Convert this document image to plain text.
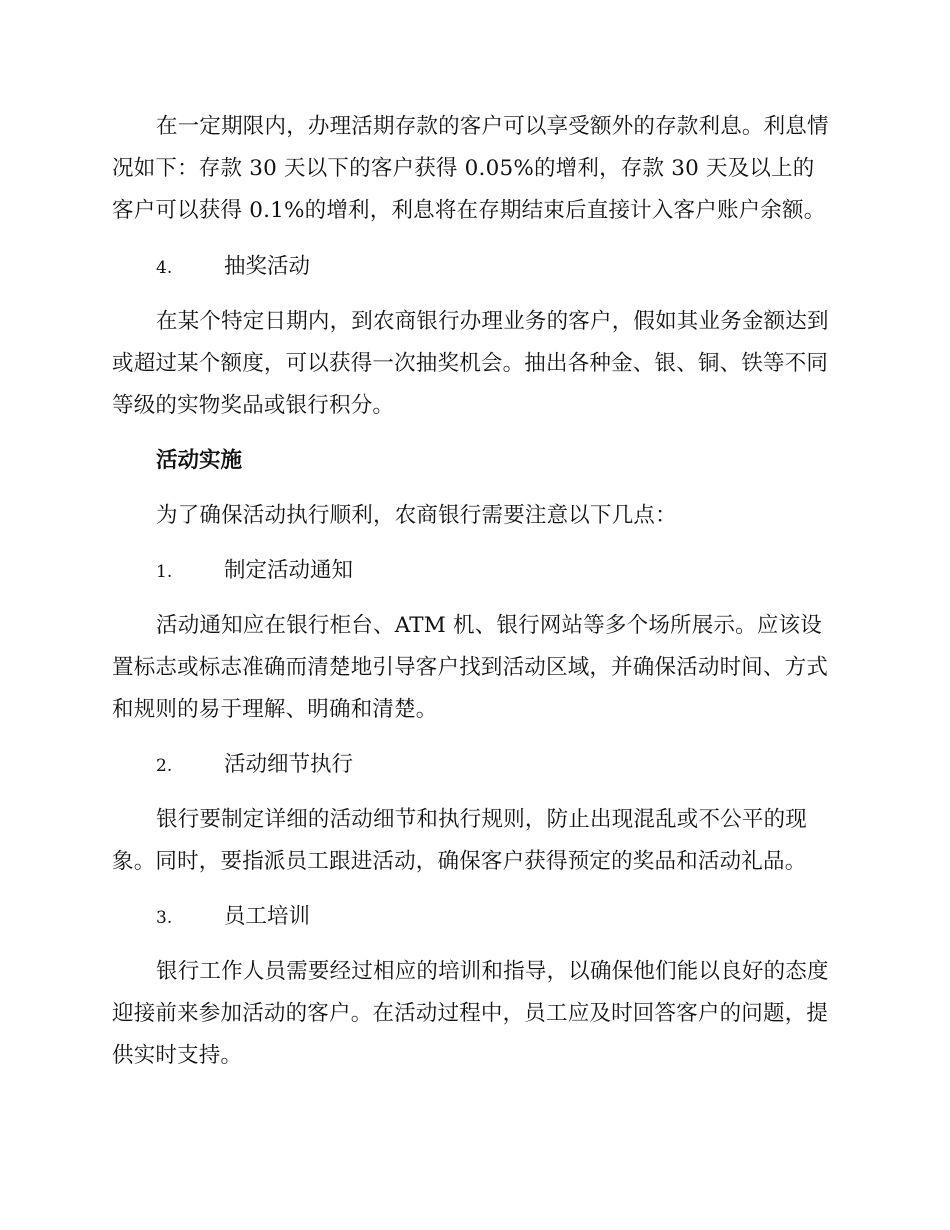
在一定期限内，办理活期存款的客户可以享受额外的存款利息。利息情况如下：存款 30 天以下的客户获得 0.05%的增利，存款 30 天及以上的客户可以获得 0.1%的增利，利息将在存期结束后直接计入客户账户余额。

4. 抽奖活动

在某个特定日期内，到农商银行办理业务的客户，假如其业务金额达到或超过某个额度，可以获得一次抽奖机会。抽出各种金、银、铜、铁等不同等级的实物奖品或银行积分。

活动实施

为了确保活动执行顺利，农商银行需要注意以下几点：

1. 制定活动通知

活动通知应在银行柜台、ATM 机、银行网站等多个场所展示。应该设置标志或标志准确而清楚地引导客户找到活动区域，并确保活动时间、方式和规则的易于理解、明确和清楚。

2. 活动细节执行

银行要制定详细的活动细节和执行规则，防止出现混乱或不公平的现象。同时，要指派员工跟进活动，确保客户获得预定的奖品和活动礼品。

3. 员工培训

银行工作人员需要经过相应的培训和指导，以确保他们能以良好的态度迎接前来参加活动的客户。在活动过程中，员工应及时回答客户的问题，提供实时支持。
